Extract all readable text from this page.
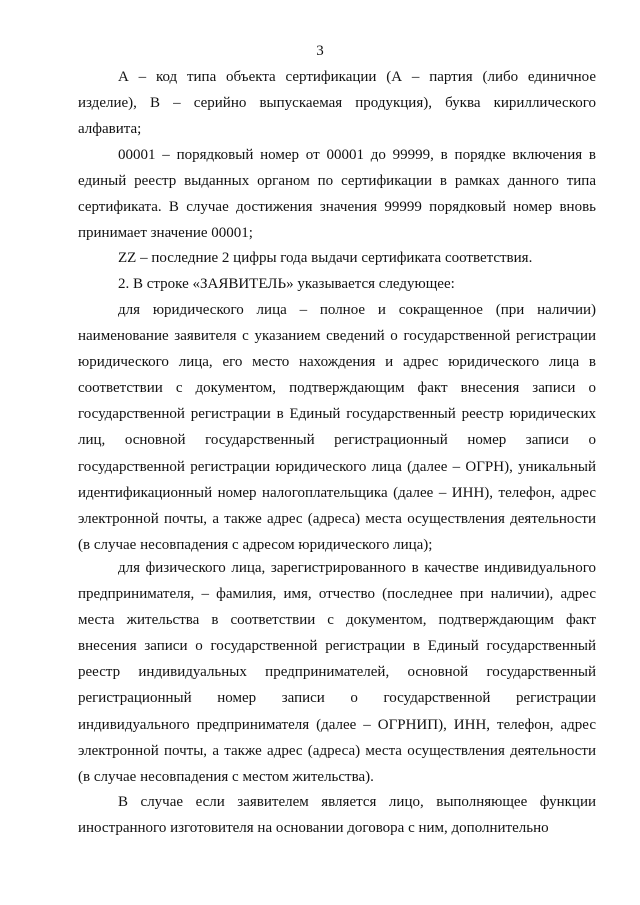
3

А – код типа объекта сертификации (А – партия (либо единичное изделие), В – серийно выпускаемая продукция), буква кириллического алфавита;

00001 – порядковый номер от 00001 до 99999, в порядке включения в единый реестр выданных органом по сертификации в рамках данного типа сертификата. В случае достижения значения 99999 порядковый номер вновь принимает значение 00001;

ZZ – последние 2 цифры года выдачи сертификата соответствия.

2. В строке «ЗАЯВИТЕЛЬ» указывается следующее:

для юридического лица – полное и сокращенное (при наличии) наименование заявителя с указанием сведений о государственной регистрации юридического лица, его место нахождения и адрес юридического лица в соответствии с документом, подтверждающим факт внесения записи о государственной регистрации в Единый государственный реестр юридических лиц, основной государственный регистрационный номер записи о государственной регистрации юридического лица (далее – ОГРН), уникальный идентификационный номер налогоплательщика (далее – ИНН), телефон, адрес электронной почты, а также адрес (адреса) места осуществления деятельности (в случае несовпадения с адресом юридического лица);

для физического лица, зарегистрированного в качестве индивидуального предпринимателя, – фамилия, имя, отчество (последнее при наличии), адрес места жительства в соответствии с документом, подтверждающим факт внесения записи о государственной регистрации в Единый государственный реестр индивидуальных предпринимателей, основной государственный регистрационный номер записи о государственной регистрации индивидуального предпринимателя (далее – ОГРНИП), ИНН, телефон, адрес электронной почты, а также адрес (адреса) места осуществления деятельности (в случае несовпадения с местом жительства).

В случае если заявителем является лицо, выполняющее функции иностранного изготовителя на основании договора с ним, дополнительно
